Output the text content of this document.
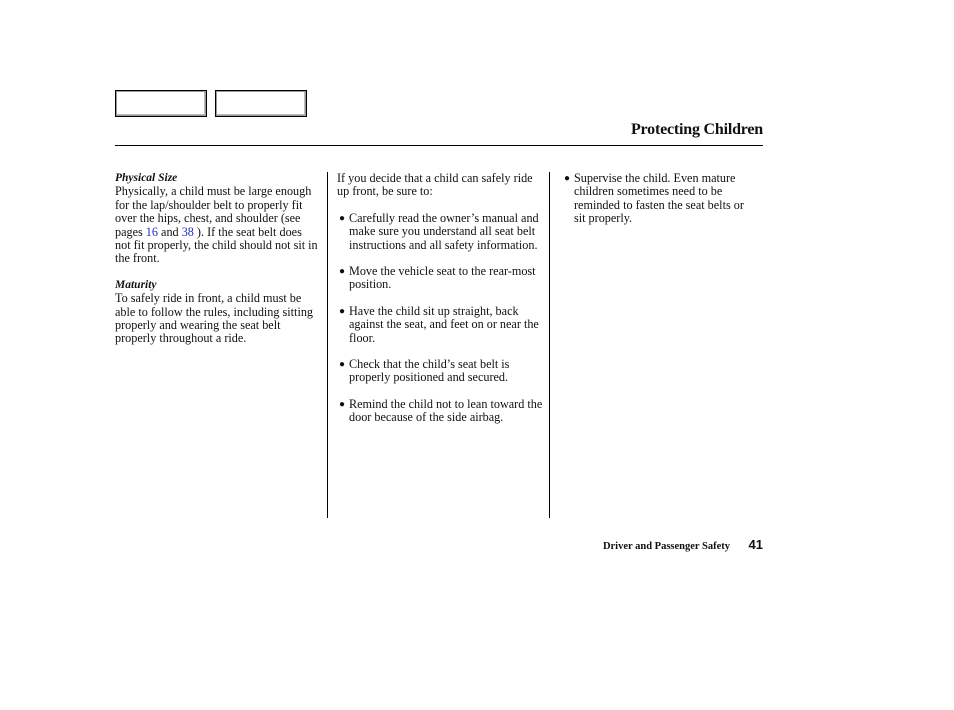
Protecting Children

Physical Size

Physically, a child must be large enough for the lap/shoulder belt to properly fit over the hips, chest, and shoulder (see pages 16 and 38 ). If the seat belt does not fit properly, the child should not sit in the front.

Maturity

To safely ride in front, a child must be able to follow the rules, including sitting properly and wearing the seat belt properly throughout a ride.

If you decide that a child can safely ride up front, be sure to:

● Carefully read the owner’s manual and make sure you understand all seat belt instructions and all safety information.
● Move the vehicle seat to the rear-most position.
● Have the child sit up straight, back against the seat, and feet on or near the floor.
● Check that the child’s seat belt is properly positioned and secured.
● Remind the child not to lean toward the door because of the side airbag.
● Supervise the child. Even mature children sometimes need to be reminded to fasten the seat belts or sit properly.
Driver and Passenger Safety 41
